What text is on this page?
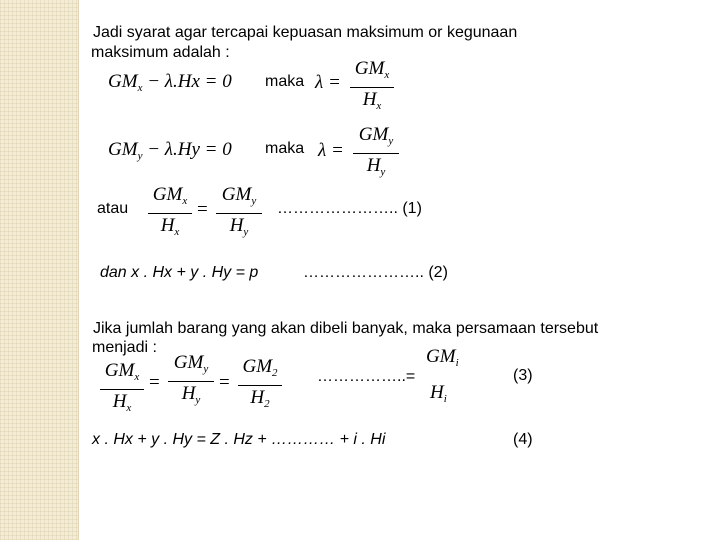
Jadi syarat agar tercapai kepuasan maksimum or kegunaan
maksimum adalah :
$GM_x - \lambda.Hx = 0$ maka λ =
$GM_x$
$H_x$
$GM_y - \lambda.Hy = 0$ maka λ =
$GM_y$
$H_y$
atau
$GM_x$
$H_x$
=
$GM_y$
$H_y$
………………….. (1)
dan x . Hx + y . Hy = p	………………….. (2)
Jika jumlah barang yang akan dibeli banyak, maka persamaan tersebut
menjadi :
$GM_x$
$H_x$
=
$GM_y$
$H_y$
=
$GM_2$
$H_2$
……………..=
$GM_i$
$H_i$
(3)
x . Hx + y . Hy = Z . Hz + ………… + i . Hi	(4)
